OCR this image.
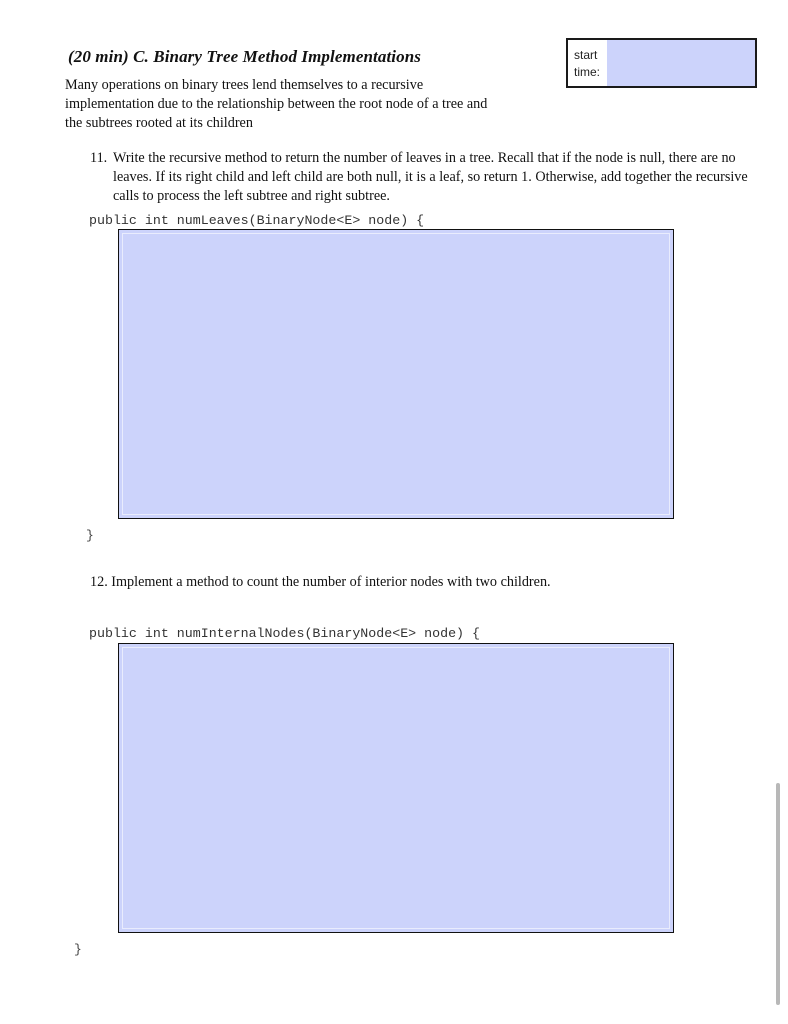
(20 min) C. Binary Tree Method Implementations	start time:
Many operations on binary trees lend themselves to a recursive implementation due to the relationship between the root node of a tree and the subtrees rooted at its children
11. Write the recursive method to return the number of leaves in a tree. Recall that if the node is null, there are no leaves. If its right child and left child are both null, it is a leaf, so return 1. Otherwise, add together the recursive calls to process the left subtree and right subtree.
public int numLeaves(BinaryNode<E> node) {
}
12. Implement a method to count the number of interior nodes with two children.
public int numInternalNodes(BinaryNode<E> node) {
}
